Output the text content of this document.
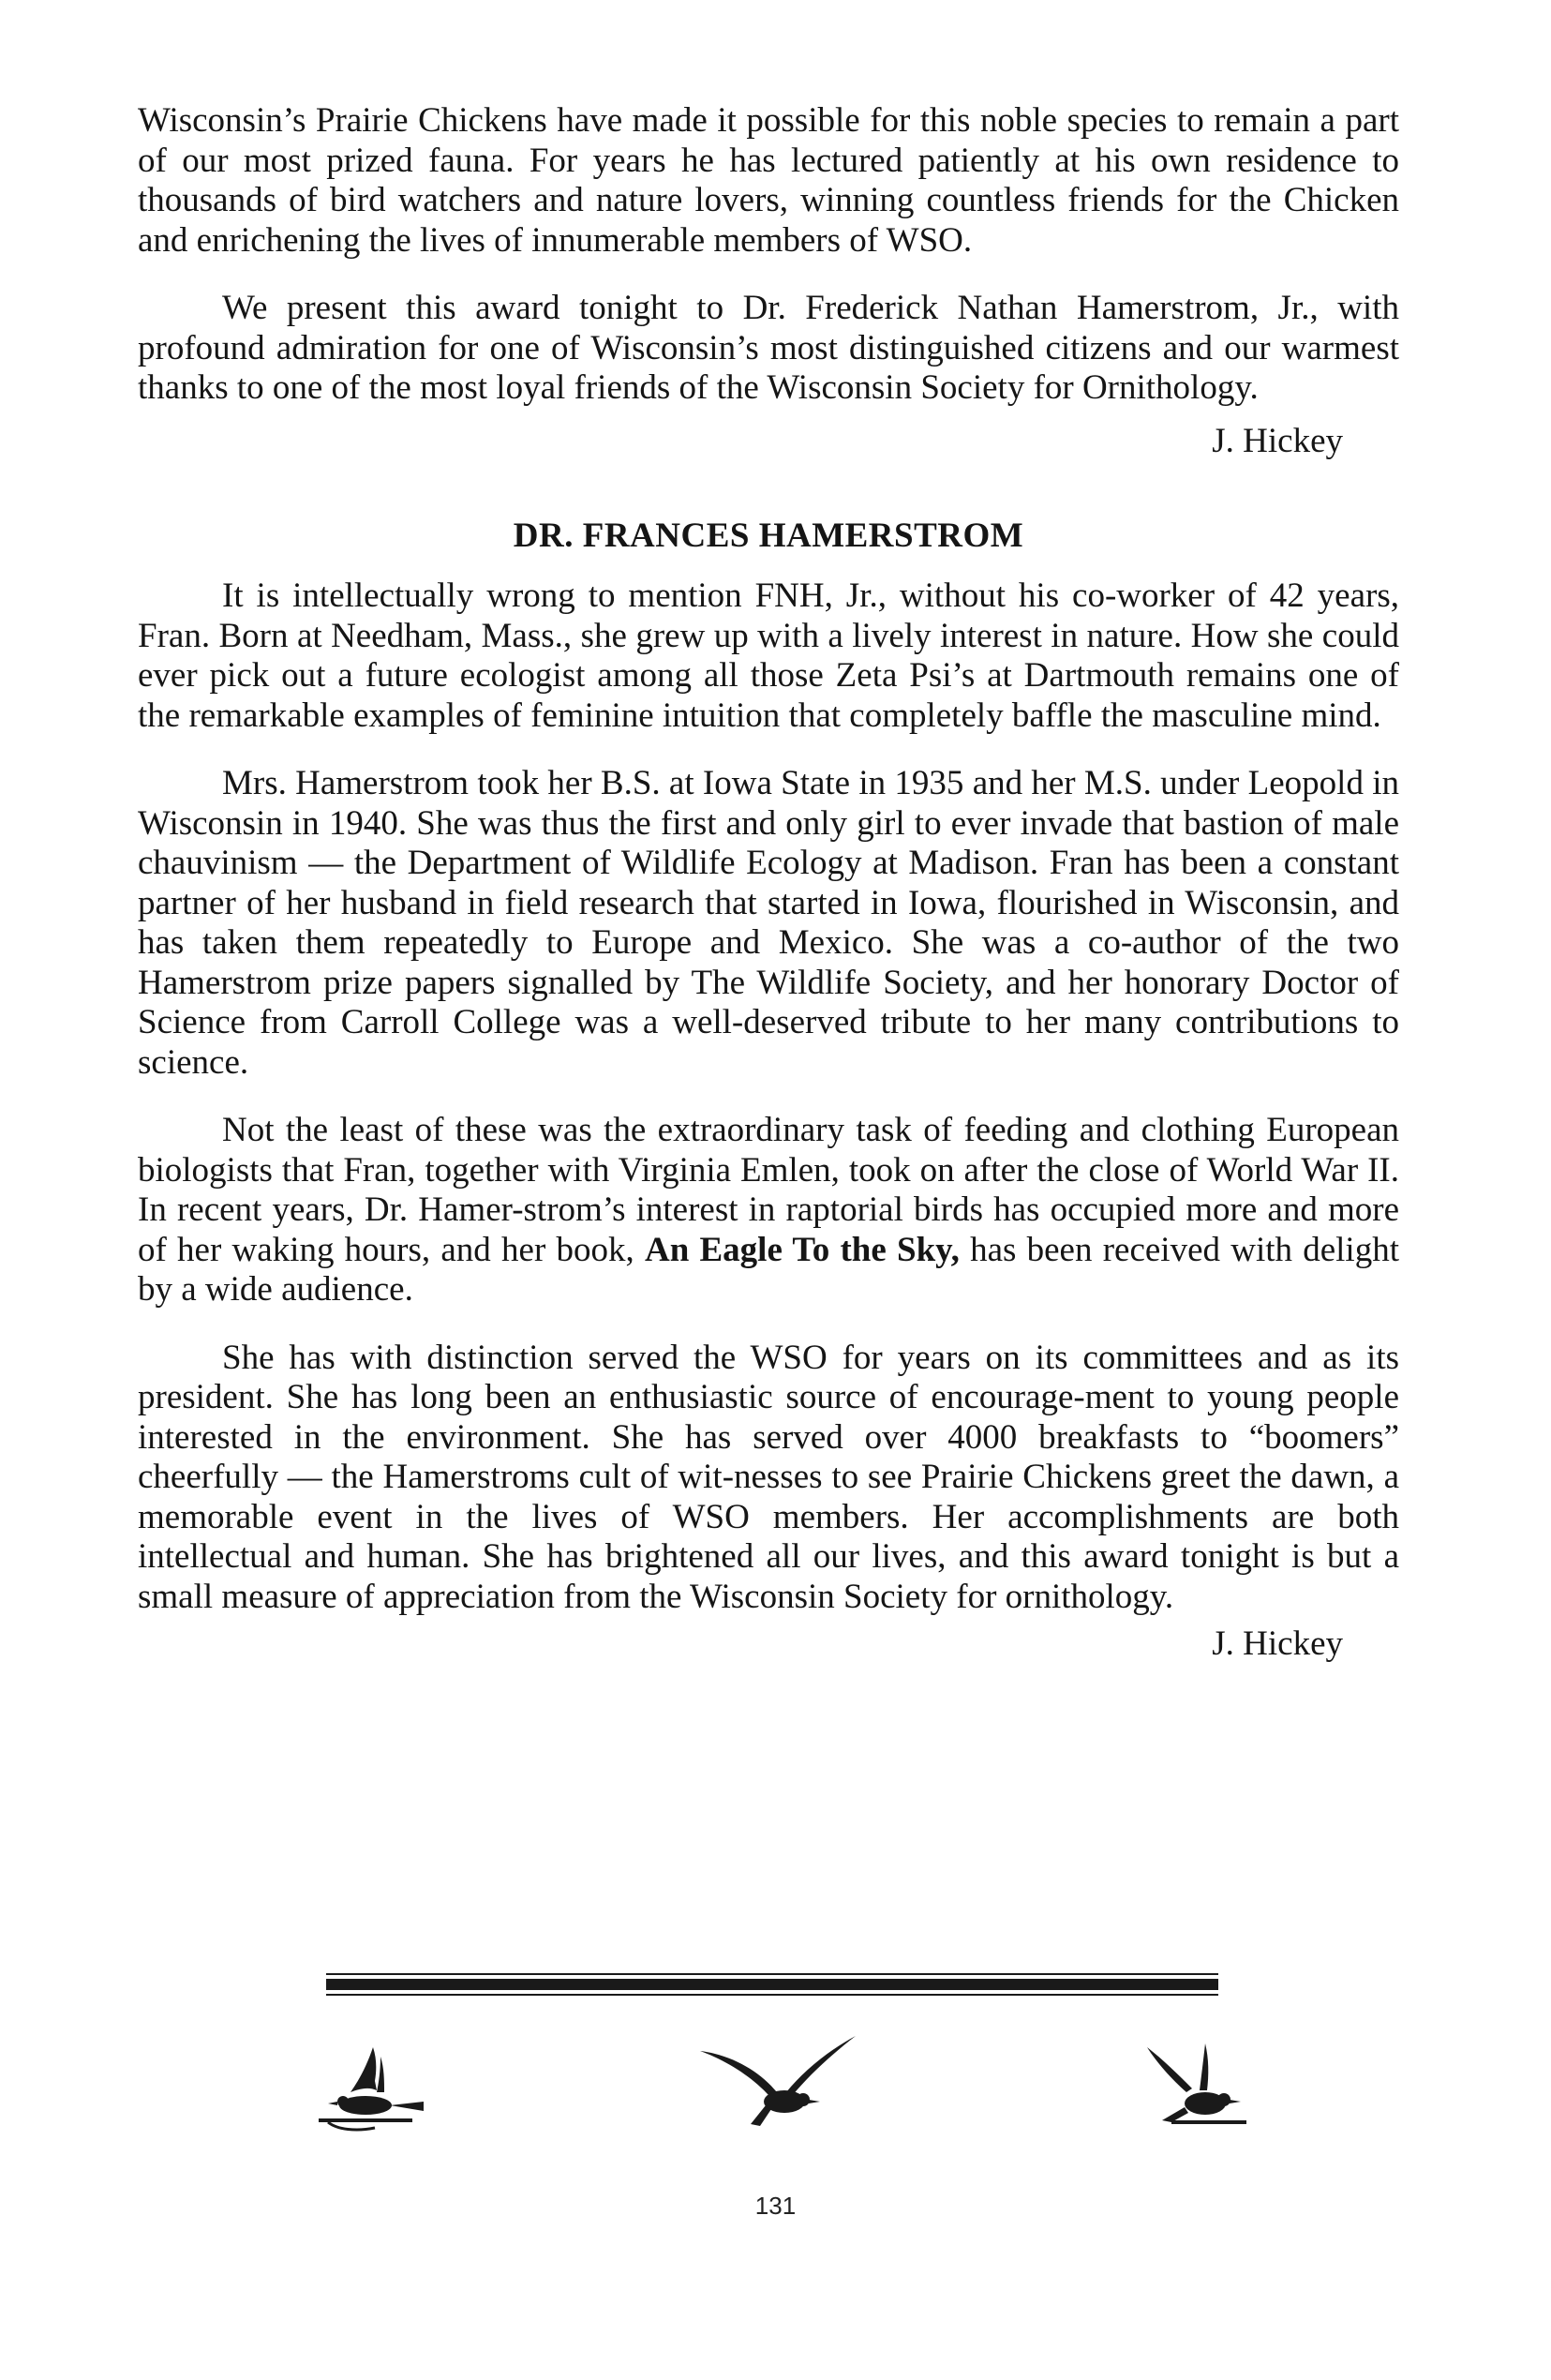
Wisconsin’s Prairie Chickens have made it possible for this noble species to remain a part of our most prized fauna. For years he has lectured patiently at his own residence to thousands of bird watchers and nature lovers, winning countless friends for the Chicken and enrichening the lives of innumerable members of WSO.

We present this award tonight to Dr. Frederick Nathan Hamerstrom, Jr., with profound admiration for one of Wisconsin’s most distinguished citizens and our warmest thanks to one of the most loyal friends of the Wisconsin Society for Ornithology.

J. Hickey
DR. FRANCES HAMERSTROM

It is intellectually wrong to mention FNH, Jr., without his co-worker of 42 years, Fran. Born at Needham, Mass., she grew up with a lively interest in nature. How she could ever pick out a future ecologist among all those Zeta Psi’s at Dartmouth remains one of the remarkable examples of feminine intuition that completely baffle the masculine mind.

Mrs. Hamerstrom took her B.S. at Iowa State in 1935 and her M.S. under Leopold in Wisconsin in 1940. She was thus the first and only girl to ever invade that bastion of male chauvinism — the Department of Wildlife Ecology at Madison. Fran has been a constant partner of her husband in field research that started in Iowa, flourished in Wisconsin, and has taken them repeatedly to Europe and Mexico. She was a co-author of the two Hamerstrom prize papers signalled by The Wildlife Society, and her honorary Doctor of Science from Carroll College was a well-deserved tribute to her many contributions to science.

Not the least of these was the extraordinary task of feeding and clothing European biologists that Fran, together with Virginia Emlen, took on after the close of World War II. In recent years, Dr. Hamer-strom’s interest in raptorial birds has occupied more and more of her waking hours, and her book, An Eagle To the Sky, has been received with delight by a wide audience.

She has with distinction served the WSO for years on its committees and as its president. She has long been an enthusiastic source of encourage-ment to young people interested in the environment. She has served over 4000 breakfasts to “boomers” cheerfully — the Hamerstroms cult of wit-nesses to see Prairie Chickens greet the dawn, a memorable event in the lives of WSO members. Her accomplishments are both intellectual and human. She has brightened all our lives, and this award tonight is but a small measure of appreciation from the Wisconsin Society for ornithology.

J. Hickey
131
